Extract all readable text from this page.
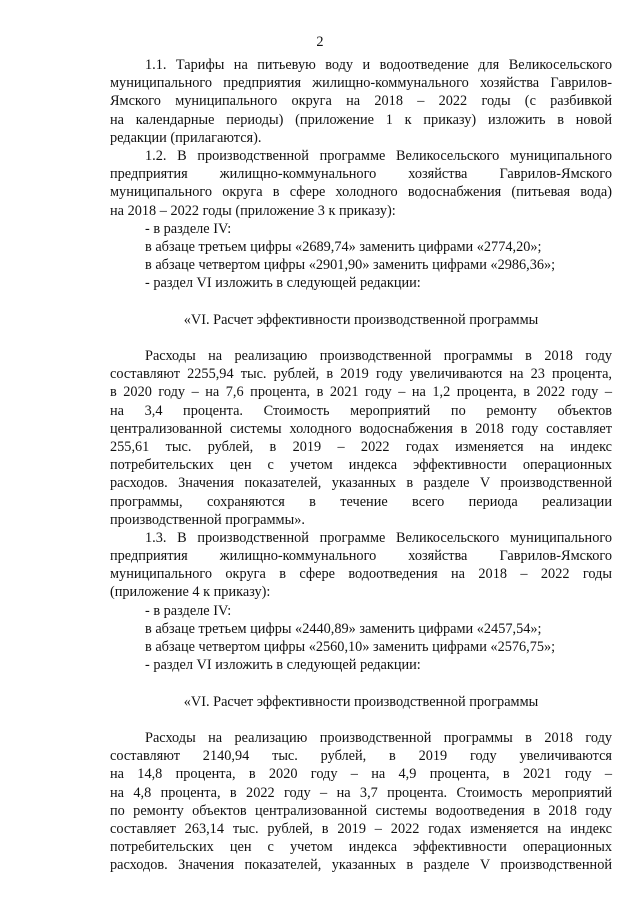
2
1.1. Тарифы на питьевую воду и водоотведение для Великосельского
муниципального предприятия жилищно-коммунального хозяйства Гаврилов-
Ямского муниципального округа на 2018 – 2022 годы (с разбивкой
на календарные периоды) (приложение 1 к приказу) изложить в новой
редакции (прилагаются).
1.2. В производственной программе Великосельского муниципального
предприятия жилищно-коммунального хозяйства Гаврилов-Ямского
муниципального округа в сфере холодного водоснабжения (питьевая вода)
на 2018 – 2022 годы (приложение 3 к приказу):
- в разделе IV:
в абзаце третьем цифры «2689,74» заменить цифрами «2774,20»;
в абзаце четвертом цифры «2901,90» заменить цифрами «2986,36»;
- раздел VI изложить в следующей редакции:
«VI. Расчет эффективности производственной программы
Расходы на реализацию производственной программы в 2018 году
составляют 2255,94 тыс. рублей, в 2019 году увеличиваются на 23 процента,
в 2020 году – на 7,6 процента, в 2021 году – на 1,2 процента, в 2022 году –
на 3,4 процента. Стоимость мероприятий по ремонту объектов
централизованной системы холодного водоснабжения в 2018 году составляет
255,61 тыс. рублей, в 2019 – 2022 годах изменяется на индекс
потребительских цен с учетом индекса эффективности операционных
расходов. Значения показателей, указанных в разделе V производственной
программы, сохраняются в течение всего периода реализации
производственной программы».
1.3. В производственной программе Великосельского муниципального
предприятия жилищно-коммунального хозяйства Гаврилов-Ямского
муниципального округа в сфере водоотведения на 2018 – 2022 годы
(приложение 4 к приказу):
- в разделе IV:
в абзаце третьем цифры «2440,89» заменить цифрами «2457,54»;
в абзаце четвертом цифры «2560,10» заменить цифрами «2576,75»;
- раздел VI изложить в следующей редакции:
«VI. Расчет эффективности производственной программы
Расходы на реализацию производственной программы в 2018 году
составляют 2140,94 тыс. рублей, в 2019 году увеличиваются
на 14,8 процента, в 2020 году – на 4,9 процента, в 2021 году –
на 4,8 процента, в 2022 году – на 3,7 процента. Стоимость мероприятий
по ремонту объектов централизованной системы водоотведения в 2018 году
составляет 263,14 тыс. рублей, в 2019 – 2022 годах изменяется на индекс
потребительских цен с учетом индекса эффективности операционных
расходов. Значения показателей, указанных в разделе V производственной
